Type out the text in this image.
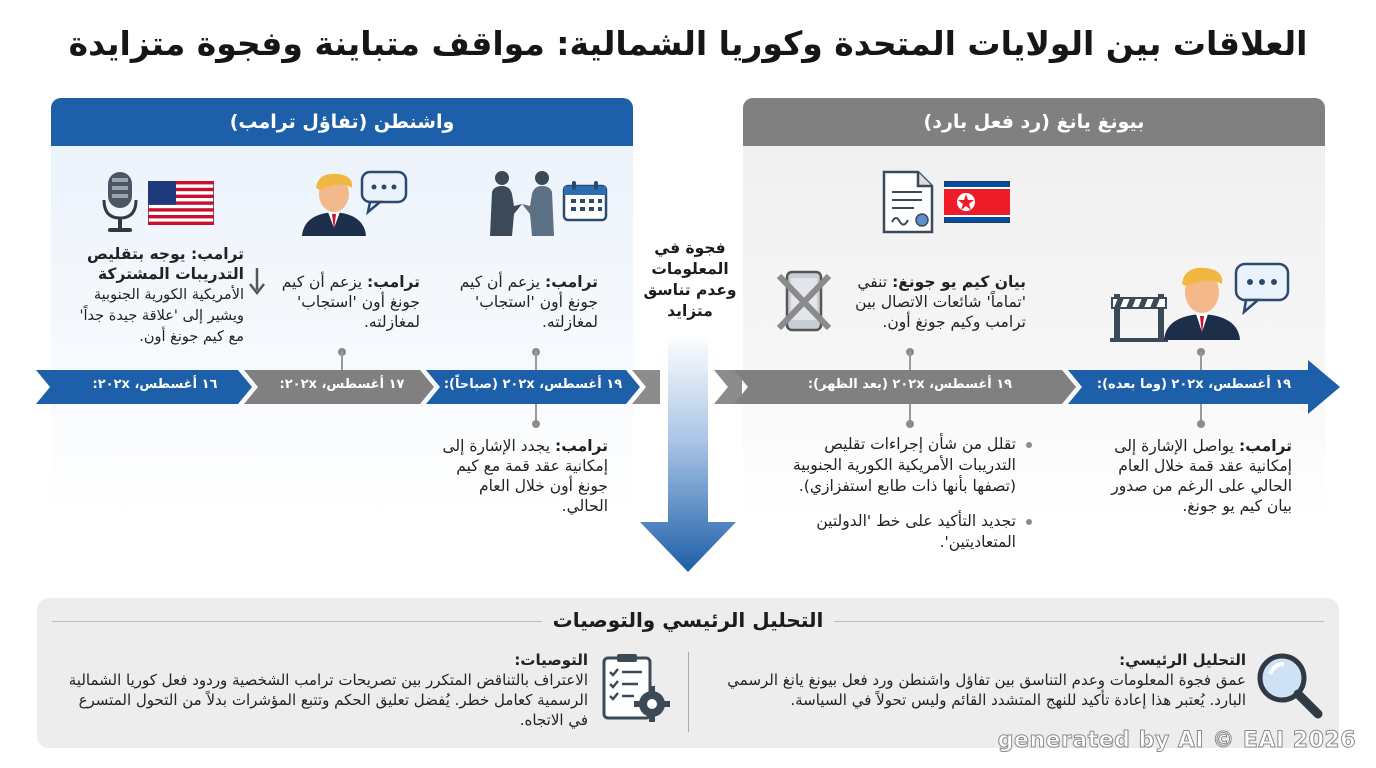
العلاقات بين الولايات المتحدة وكوريا الشمالية: مواقف متباينة وفجوة متزايدة
واشنطن (تفاؤل ترامب)	بيونغ يانغ (رد فعل بارد)
ترامب: يوجه بتقليص التدريبات المشتركة الأمريكية الكورية الجنوبية ويشير إلى 'علاقة جيدة جداً' مع كيم جونغ أون.
ترامب: يزعم أن كيم جونغ أون 'استجاب' لمغازلته.
ترامب: يزعم أن كيم جونغ أون 'استجاب' لمغازلته.
بيان كيم يو جونغ: تنفي 'تماماً' شائعات الاتصال بين ترامب وكيم جونغ أون.
فجوة في المعلومات وعدم تناسق متزايد
١٦ أغسطس، ٢٠٢x:	١٧ أغسطس، ٢٠٢x:	١٩ أغسطس، ٢٠٢x (صباحاً):	١٩ أغسطس، ٢٠٢x (بعد الظهر):	١٩ أغسطس، ٢٠٢x (وما بعده):
ترامب: يجدد الإشارة إلى إمكانية عقد قمة مع كيم جونغ أون خلال العام الحالي.
تقلل من شأن إجراءات تقليص التدريبات الأمريكية الكورية الجنوبية (تصفها بأنها ذات طابع استفزازي).
تجديد التأكيد على خط 'الدولتين المتعاديتين'.
ترامب: يواصل الإشارة إلى إمكانية عقد قمة خلال العام الحالي على الرغم من صدور بيان كيم يو جونغ.
التحليل الرئيسي والتوصيات
التحليل الرئيسي:
عمق فجوة المعلومات وعدم التناسق بين تفاؤل واشنطن ورد فعل بيونغ يانغ الرسمي البارد. يُعتبر هذا إعادة تأكيد للنهج المتشدد القائم وليس تحولاً في السياسة.
التوصيات:
الاعتراف بالتناقض المتكرر بين تصريحات ترامب الشخصية وردود فعل كوريا الشمالية الرسمية كعامل خطر. يُفضل تعليق الحكم وتتبع المؤشرات بدلاً من التحول المتسرع في الاتجاه.
generated by AI © EAI 2026
